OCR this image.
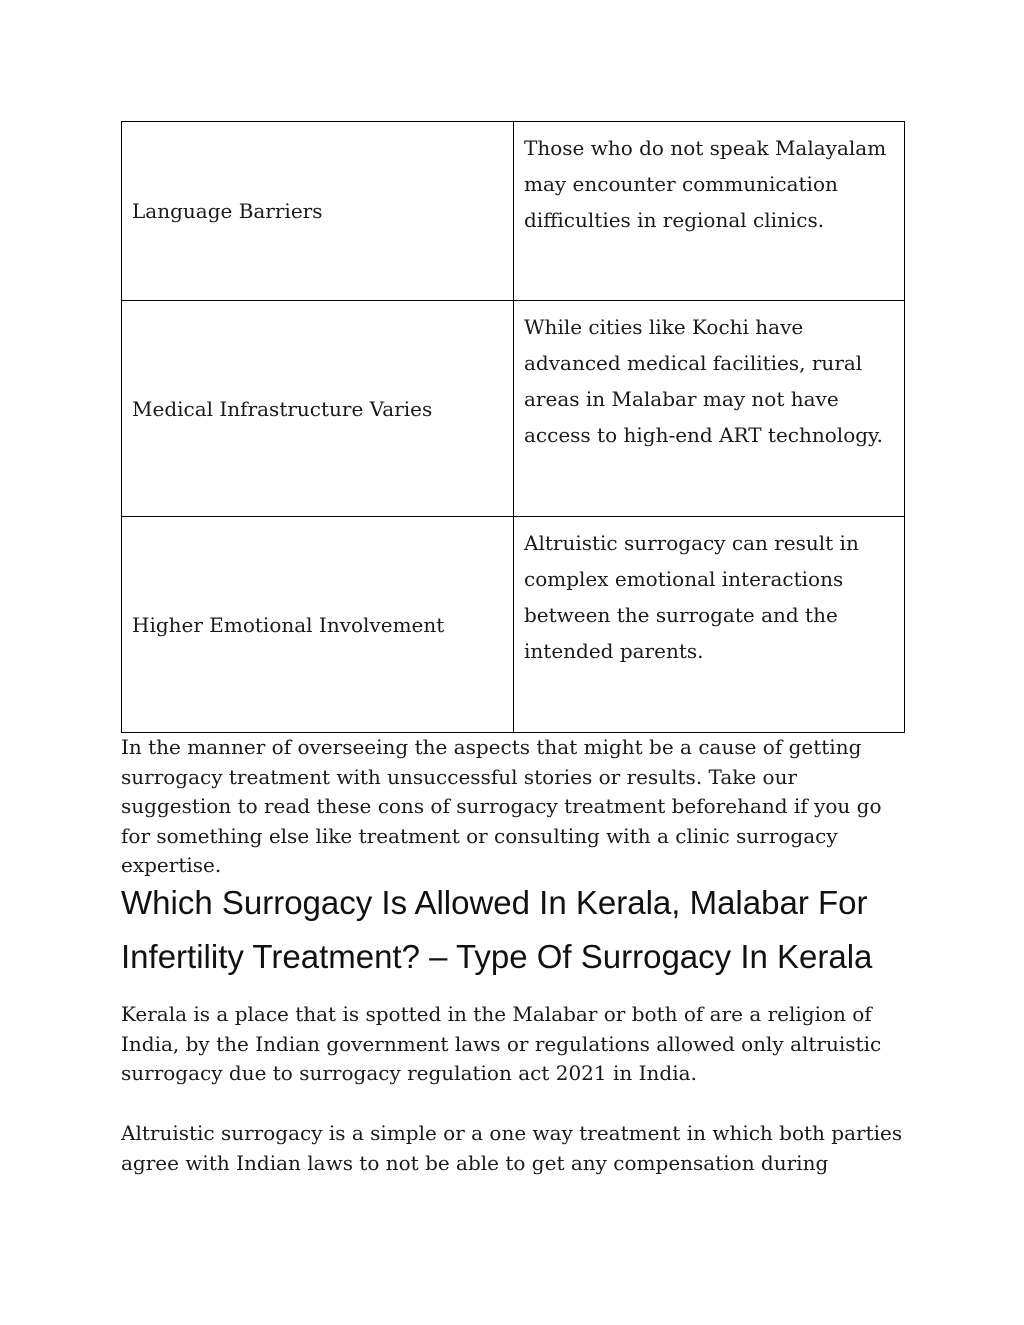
Language Barriers	Those who do not speak Malayalam may encounter communication difficulties in regional clinics.
Medical Infrastructure Varies	While cities like Kochi have advanced medical facilities, rural areas in Malabar may not have access to high-end ART technology.
Higher Emotional Involvement	Altruistic surrogacy can result in complex emotional interactions between the surrogate and the intended parents.

In the manner of overseeing the aspects that might be a cause of getting surrogacy treatment with unsuccessful stories or results. Take our suggestion to read these cons of surrogacy treatment beforehand if you go for something else like treatment or consulting with a clinic surrogacy expertise.

Which Surrogacy Is Allowed In Kerala, Malabar For Infertility Treatment? – Type Of Surrogacy In Kerala

Kerala is a place that is spotted in the Malabar or both of are a religion of India, by the Indian government laws or regulations allowed only altruistic surrogacy due to surrogacy regulation act 2021 in India.

Altruistic surrogacy is a simple or a one way treatment in which both parties agree with Indian laws to not be able to get any compensation during
